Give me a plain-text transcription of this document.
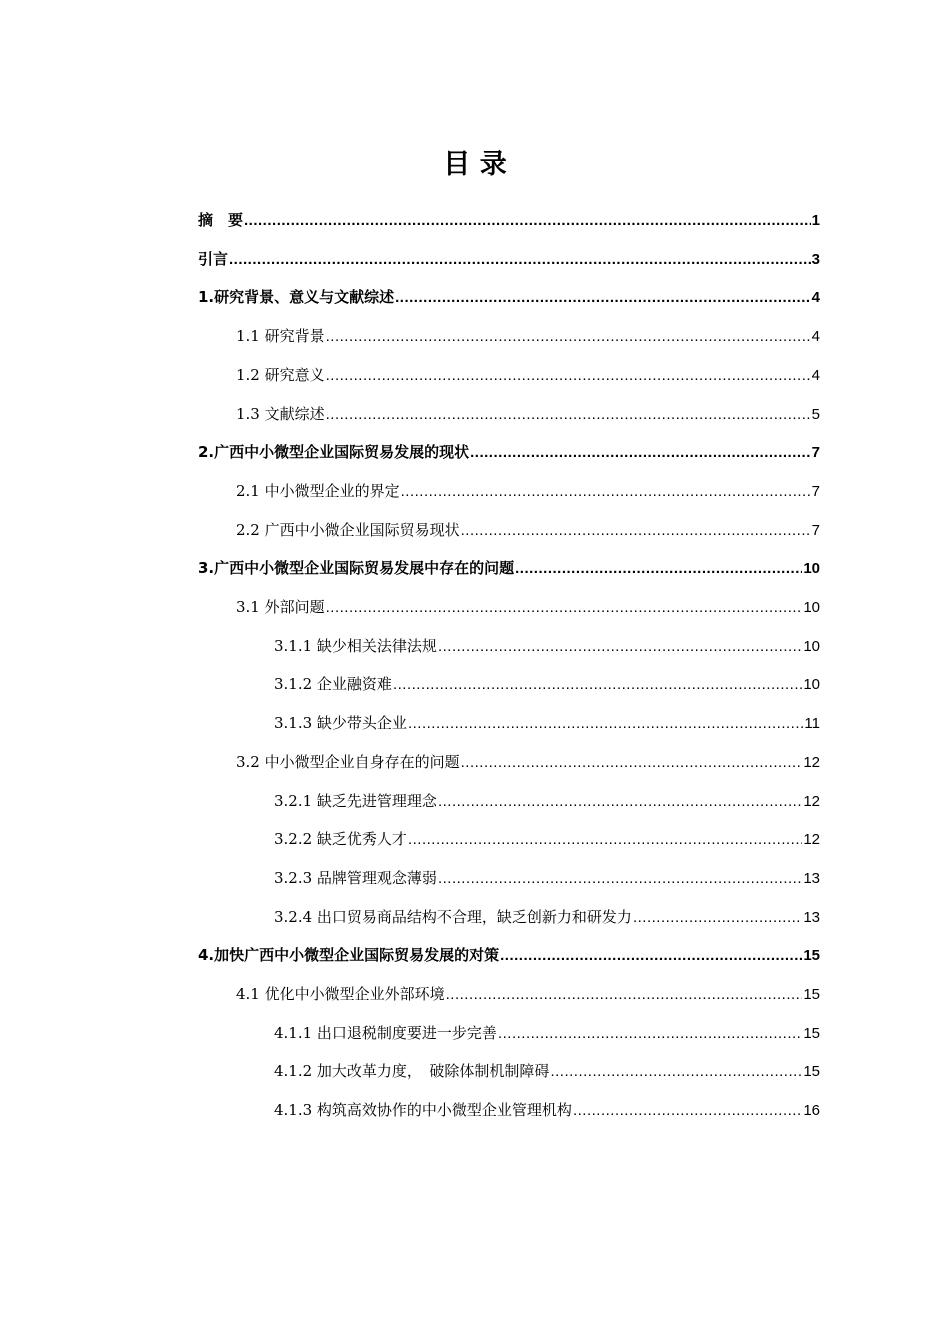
目 录
摘　要 .....	1
引言 .....	3
1.研究背景、意义与文献综述 .....	4
1.1 研究背景 .....	4
1.2 研究意义 .....	4
1.3 文献综述 .....	5
2.广西中小微型企业国际贸易发展的现状 .....	7
2.1 中小微型企业的界定 .....	7
2.2 广西中小微企业国际贸易现状 .....	7
3.广西中小微型企业国际贸易发展中存在的问题 .....	10
3.1 外部问题 .....	10
3.1.1 缺少相关法律法规 .....	10
3.1.2 企业融资难 .....	10
3.1.3 缺少带头企业 .....	11
3.2 中小微型企业自身存在的问题 .....	12
3.2.1 缺乏先进管理理念 .....	12
3.2.2 缺乏优秀人才 .....	12
3.2.3 品牌管理观念薄弱 .....	13
3.2.4 出口贸易商品结构不合理，缺乏创新力和研发力 .....	13
4.加快广西中小微型企业国际贸易发展的对策 .....	15
4.1 优化中小微型企业外部环境 .....	15
4.1.1 出口退税制度要进一步完善 .....	15
4.1.2 加大改革力度，　破除体制机制障碍 .....	15
4.1.3 构筑高效协作的中小微型企业管理机构 .....	16
